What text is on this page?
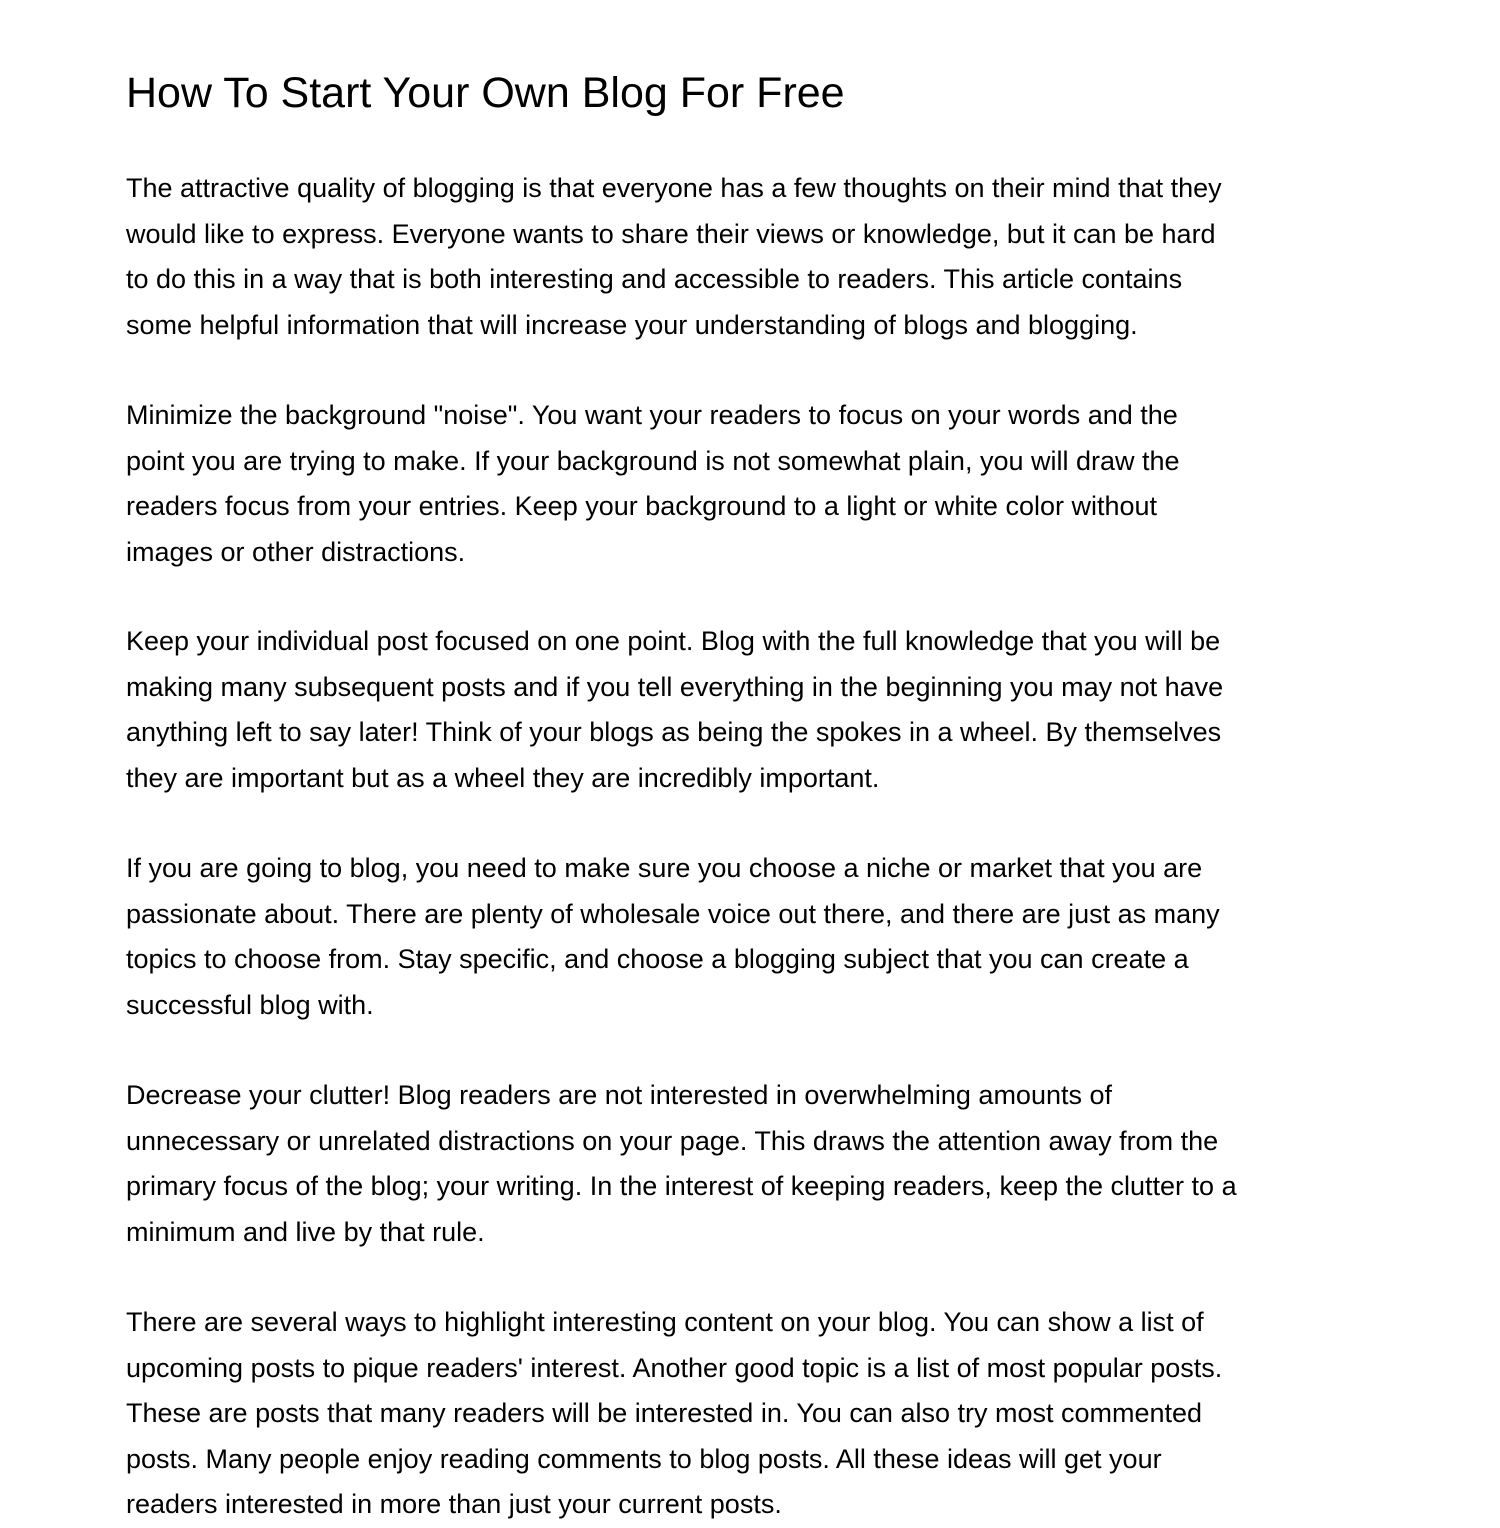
How To Start Your Own Blog For Free

The attractive quality of blogging is that everyone has a few thoughts on their mind that they
would like to express. Everyone wants to share their views or knowledge, but it can be hard
to do this in a way that is both interesting and accessible to readers. This article contains
some helpful information that will increase your understanding of blogs and blogging.

Minimize the background "noise". You want your readers to focus on your words and the
point you are trying to make. If your background is not somewhat plain, you will draw the
readers focus from your entries. Keep your background to a light or white color without
images or other distractions.

Keep your individual post focused on one point. Blog with the full knowledge that you will be
making many subsequent posts and if you tell everything in the beginning you may not have
anything left to say later! Think of your blogs as being the spokes in a wheel. By themselves
they are important but as a wheel they are incredibly important.

If you are going to blog, you need to make sure you choose a niche or market that you are
passionate about. There are plenty of wholesale voice out there, and there are just as many
topics to choose from. Stay specific, and choose a blogging subject that you can create a
successful blog with.

Decrease your clutter! Blog readers are not interested in overwhelming amounts of
unnecessary or unrelated distractions on your page. This draws the attention away from the
primary focus of the blog; your writing. In the interest of keeping readers, keep the clutter to a
minimum and live by that rule.

There are several ways to highlight interesting content on your blog. You can show a list of
upcoming posts to pique readers' interest. Another good topic is a list of most popular posts.
These are posts that many readers will be interested in. You can also try most commented
posts. Many people enjoy reading comments to blog posts. All these ideas will get your
readers interested in more than just your current posts.
